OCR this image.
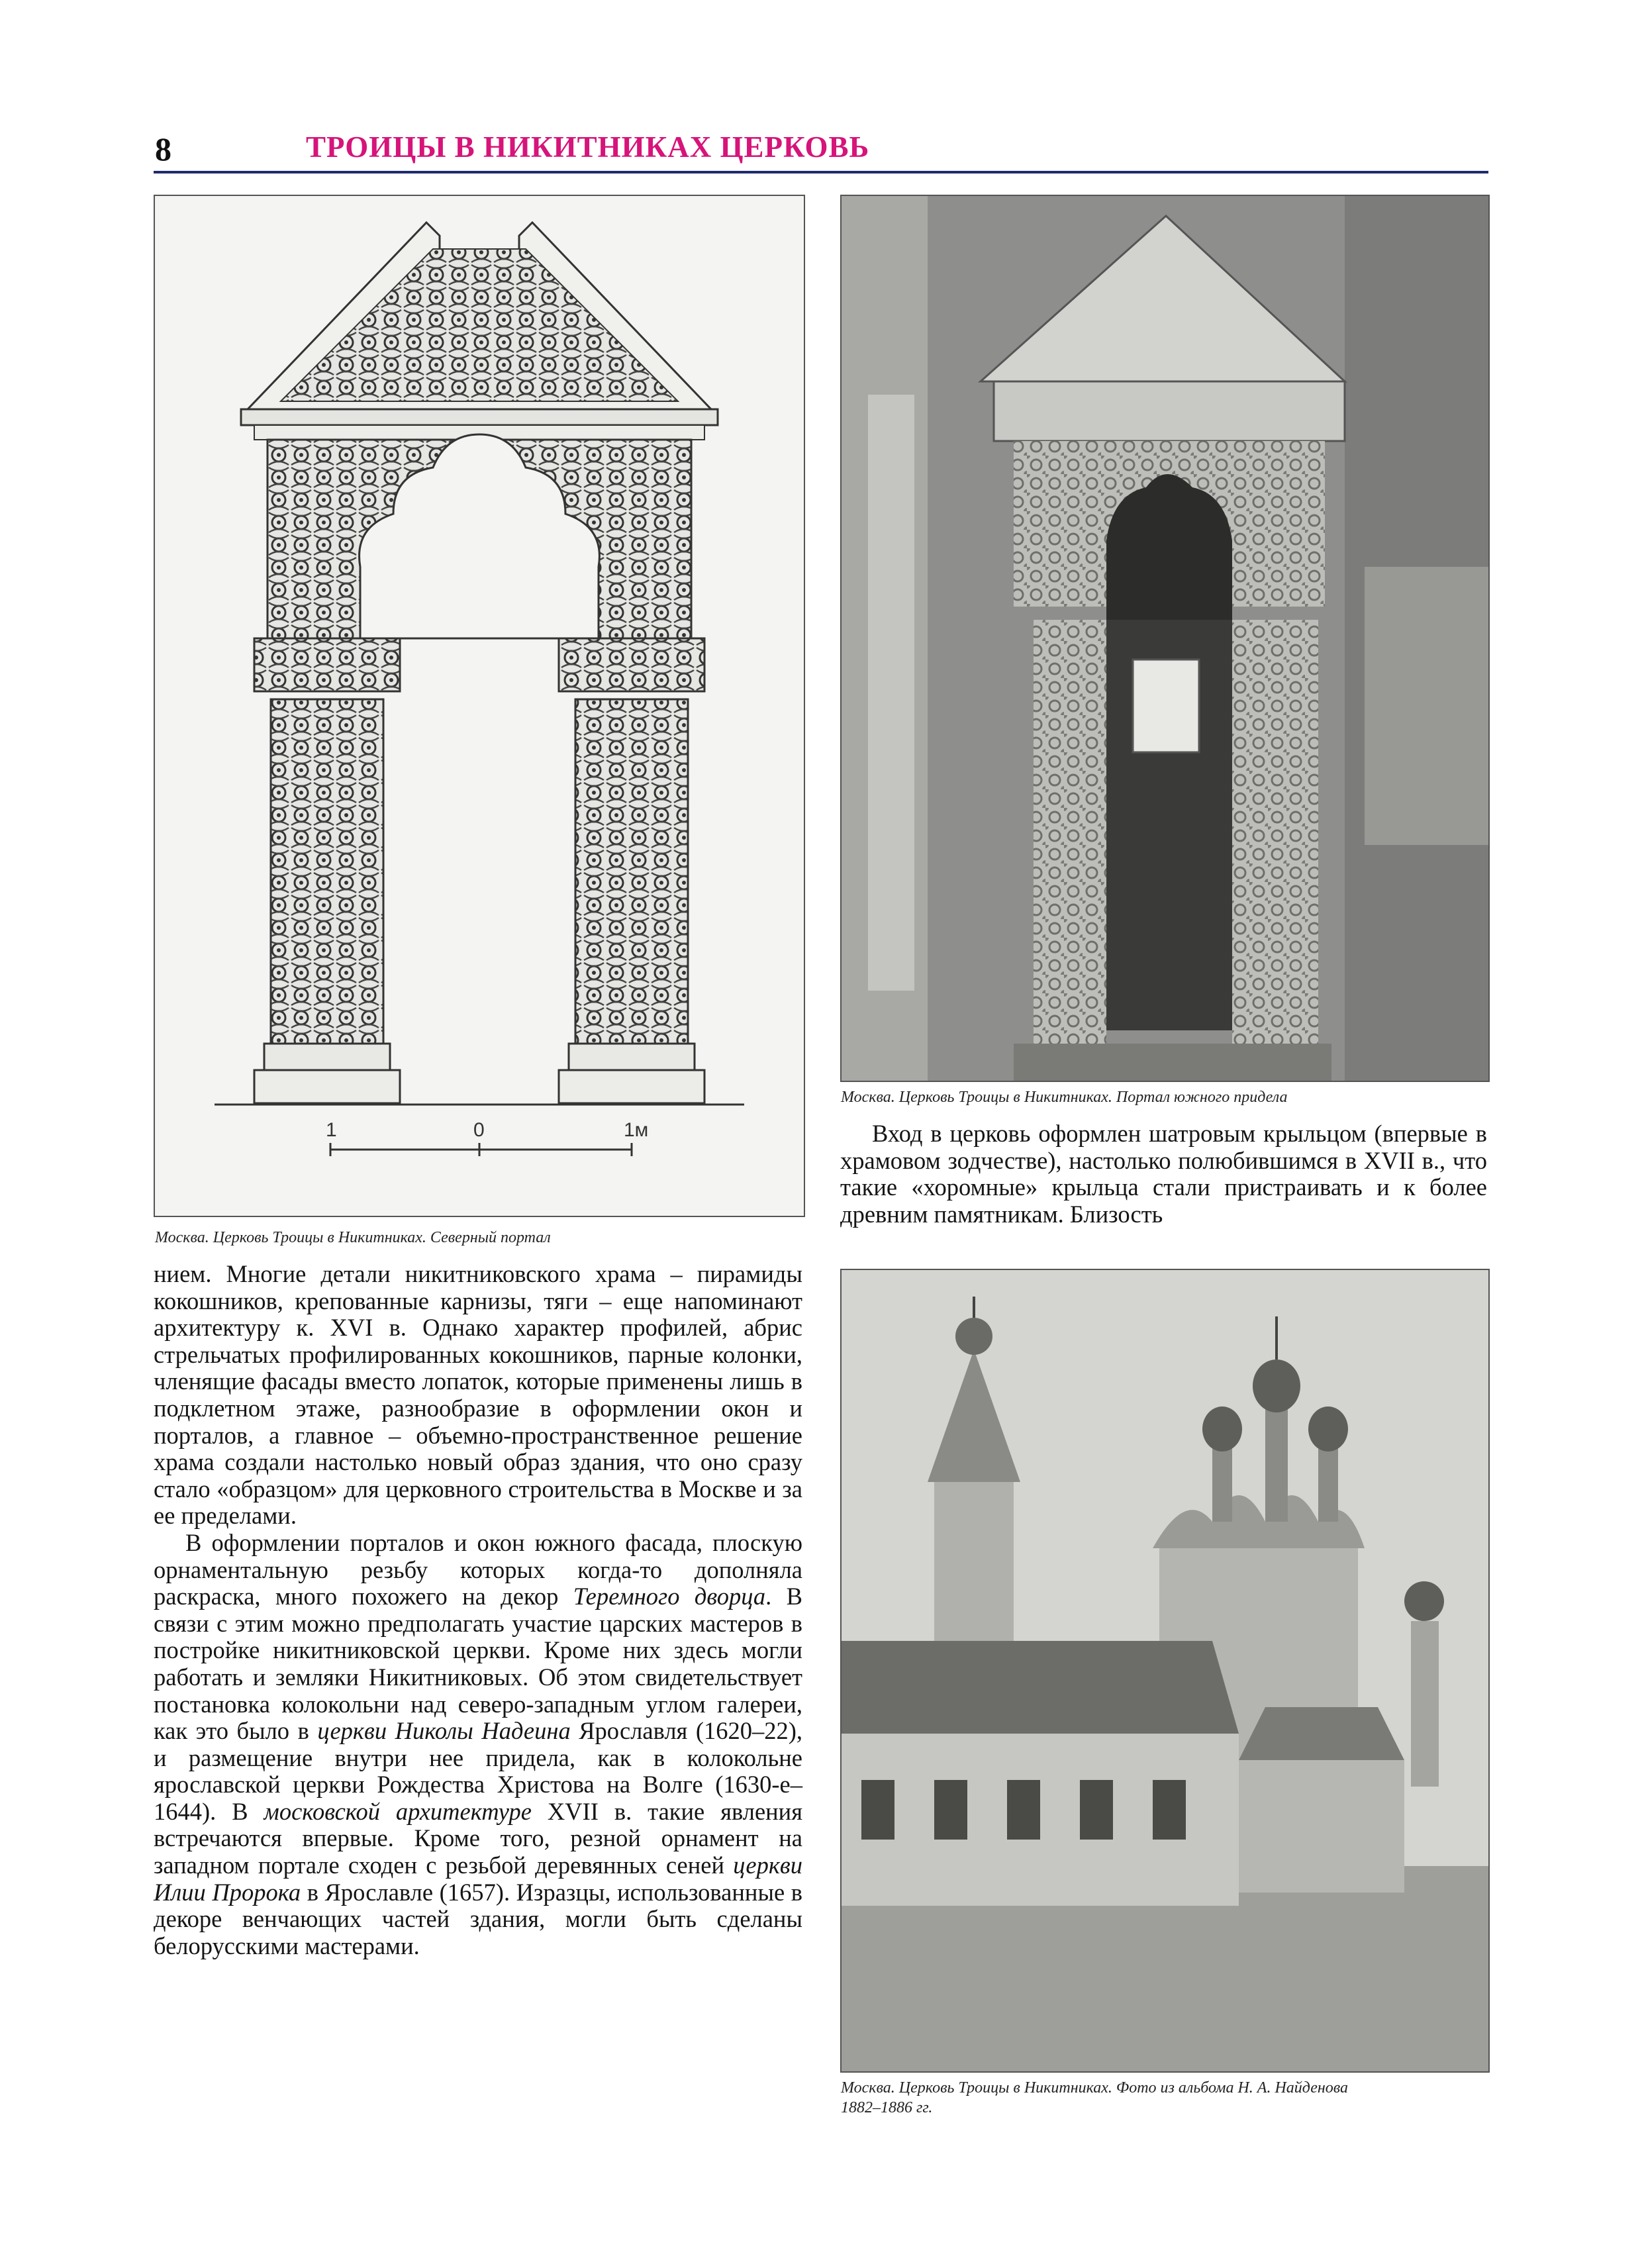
8	ТРОИЦЫ В НИКИТНИКАХ ЦЕРКОВЬ
1	0	1м
Москва. Церковь Троицы в Никитниках. Северный портал
Москва. Церковь Троицы в Никитниках. Портал южного придела

Вход в церковь оформлен шатровым крыльцом (впервые в храмовом зодчестве), настолько полюбившимся в XVII в., что такие «хоромные» крыльца стали пристраивать и к более древним памятникам. Близость

Москва. Церковь Троицы в Никитниках. Фото из альбома Н. А. Найденова
1882–1886 гг.

нием. Многие детали никитниковского храма – пирамиды кокошников, крепованные карнизы, тяги – еще напоминают архитектуру к. XVI в. Однако характер профилей, абрис стрельчатых профилированных кокошников, парные колонки, членящие фасады вместо лопаток, которые применены лишь в подклетном этаже, разнообразие в оформлении окон и порталов, а главное – объемно-пространственное решение храма создали настолько новый образ здания, что оно сразу стало «образцом» для церковного строительства в Москве и за ее пределами.

В оформлении порталов и окон южного фасада, плоскую орнаментальную резьбу которых когда-то дополняла раскраска, много похожего на декор Теремного дворца. В связи с этим можно предполагать участие царских мастеров в постройке никитниковской церкви. Кроме них здесь могли работать и земляки Никитниковых. Об этом свидетельствует постановка колокольни над северо-западным углом галереи, как это было в церкви Николы Надеина Ярославля (1620–22), и размещение внутри нее придела, как в колокольне ярославской церкви Рождества Христова на Волге (1630-е–1644). В московской архитектуре XVII в. такие явления встречаются впервые. Кроме того, резной орнамент на западном портале сходен с резьбой деревянных сеней церкви Илии Пророка в Ярославле (1657). Изразцы, использованные в декоре венчающих частей здания, могли быть сделаны белорусскими мастерами.
